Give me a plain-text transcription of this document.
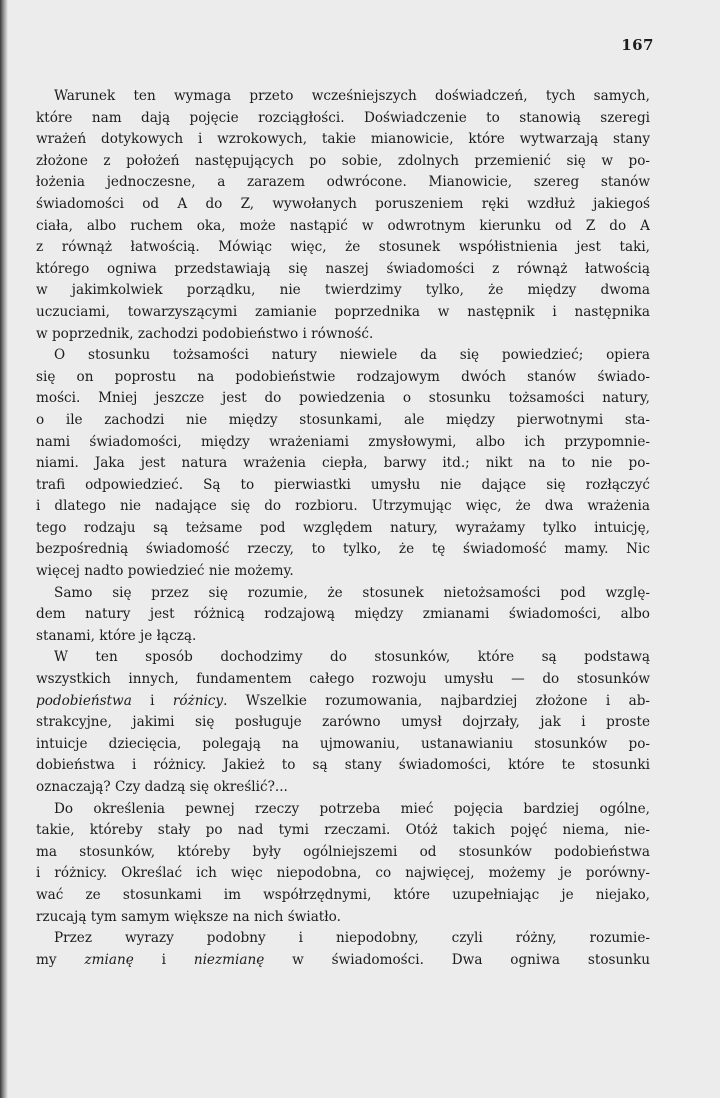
167
Warunek ten wymaga przeto wcześniejszych doświadczeń, tych samych,
które nam dają pojęcie rozciągłości. Doświadczenie to stanowią szeregi
wrażeń dotykowych i wzrokowych, takie mianowicie, które wytwarzają stany
złożone z położeń następujących po sobie, zdolnych przemienić się w po-
łożenia jednoczesne, a zarazem odwrócone. Mianowicie, szereg stanów
świadomości od A do Z, wywołanych poruszeniem ręki wzdłuż jakiegoś
ciała, albo ruchem oka, może nastąpić w odwrotnym kierunku od Z do A
z równąż łatwością. Mówiąc więc, że stosunek współistnienia jest taki,
którego ogniwa przedstawiają się naszej świadomości z równąż łatwością
w jakimkolwiek porządku, nie twierdzimy tylko, że między dwoma
uczuciami, towarzyszącymi zamianie poprzednika w następnik i następnika
w poprzednik, zachodzi podobieństwo i równość.
O stosunku tożsamości natury niewiele da się powiedzieć; opiera
się on poprostu na podobieństwie rodzajowym dwóch stanów świado-
mości. Mniej jeszcze jest do powiedzenia o stosunku tożsamości natury,
o ile zachodzi nie między stosunkami, ale między pierwotnymi sta-
nami świadomości, między wrażeniami zmysłowymi, albo ich przypomnie-
niami. Jaka jest natura wrażenia ciepła, barwy itd.; nikt na to nie po-
trafi odpowiedzieć. Są to pierwiastki umysłu nie dające się rozłączyć
i dlatego nie nadające się do rozbioru. Utrzymując więc, że dwa wrażenia
tego rodzaju są teżsame pod względem natury, wyrażamy tylko intuicję,
bezpośrednią świadomość rzeczy, to tylko, że tę świadomość mamy. Nic
więcej nadto powiedzieć nie możemy.
Samo się przez się rozumie, że stosunek nietożsamości pod wzglę-
dem natury jest różnicą rodzajową między zmianami świadomości, albo
stanami, które je łączą.
W ten sposób dochodzimy do stosunków, które są podstawą
wszystkich innych, fundamentem całego rozwoju umysłu — do stosunków
podobieństwa i różnicy. Wszelkie rozumowania, najbardziej złożone i ab-
strakcyjne, jakimi się posługuje zarówno umysł dojrzały, jak i proste
intuicje dziecięcia, polegają na ujmowaniu, ustanawianiu stosunków po-
dobieństwa i różnicy. Jakież to są stany świadomości, które te stosunki
oznaczają? Czy dadzą się określić?...
Do określenia pewnej rzeczy potrzeba mieć pojęcia bardziej ogólne,
takie, któreby stały po nad tymi rzeczami. Otóż takich pojęć niema, nie-
ma stosunków, któreby były ogólniejszemi od stosunków podobieństwa
i różnicy. Określać ich więc niepodobna, co najwięcej, możemy je porówny-
wać ze stosunkami im współrzędnymi, które uzupełniając je niejako,
rzucają tym samym większe na nich światło.
Przez wyrazy podobny i niepodobny, czyli różny, rozumie-
my zmianę i niezmianę w świadomości. Dwa ogniwa stosunku
